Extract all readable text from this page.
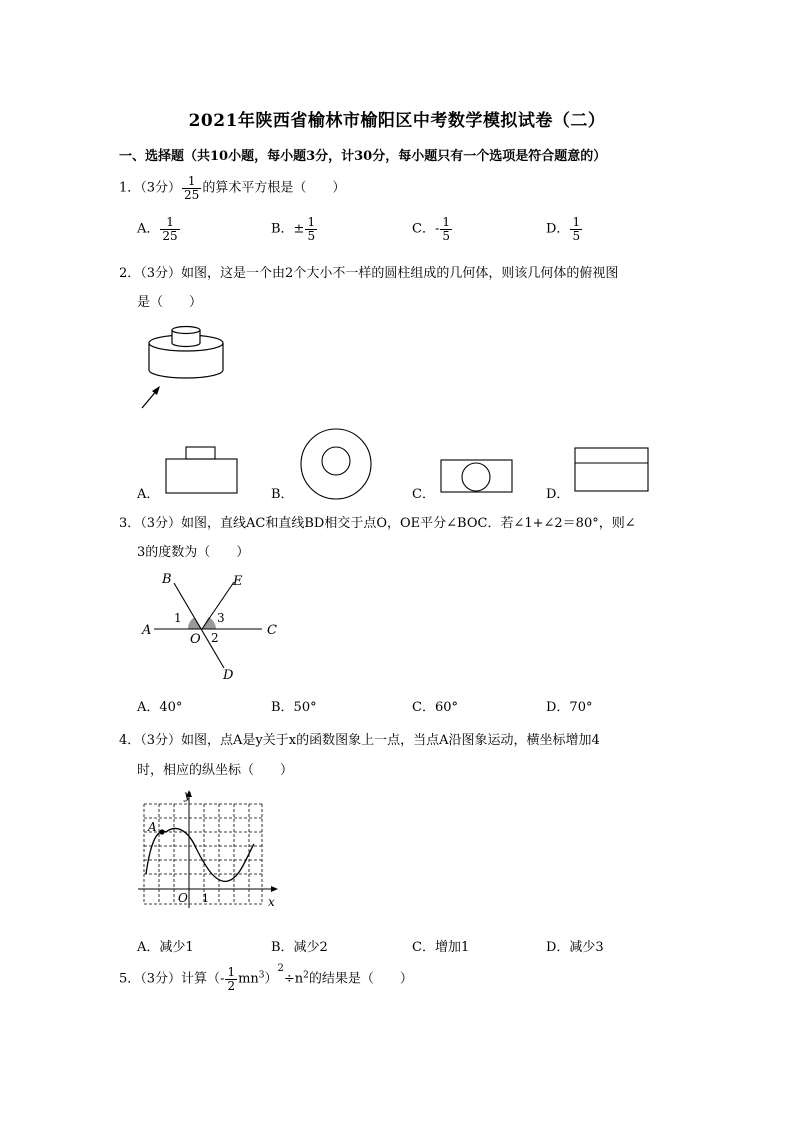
2021年陕西省榆林市榆阳区中考数学模拟试卷（二）
一、选择题（共10小题，每小题3分，计30分，每小题只有一个选项是符合题意的）
1．（3分） $\frac{1}{25}$ 的算术平方根是（　　）
A． $\frac{1}{25}$	B．± $\frac{1}{5}$	C．- $\frac{1}{5}$	D． $\frac{1}{5}$
2．（3分）如图，这是一个由2个大小不一样的圆柱组成的几何体，则该几何体的俯视图
是（　　）
A．	B．	C．	D．
3．（3分）如图，直线AC和直线BD相交于点O，OE平分∠BOC．若∠1+∠2＝80°，则∠
3的度数为（　　）
B	E
A	C
O
D
1
2
3
A．40°	B．50°	C．60°	D．70°
4．（3分）如图，点A是y关于x的函数图象上一点，当点A沿图象运动，横坐标增加4
时，相应的纵坐标（　　）
A
y
x
O 1
A．减少1	B．减少2	C．增加1	D．减少3
5．（3分）计算（- $\frac{1}{2} mn^3)^2\div n^2$的结果是（　　）
